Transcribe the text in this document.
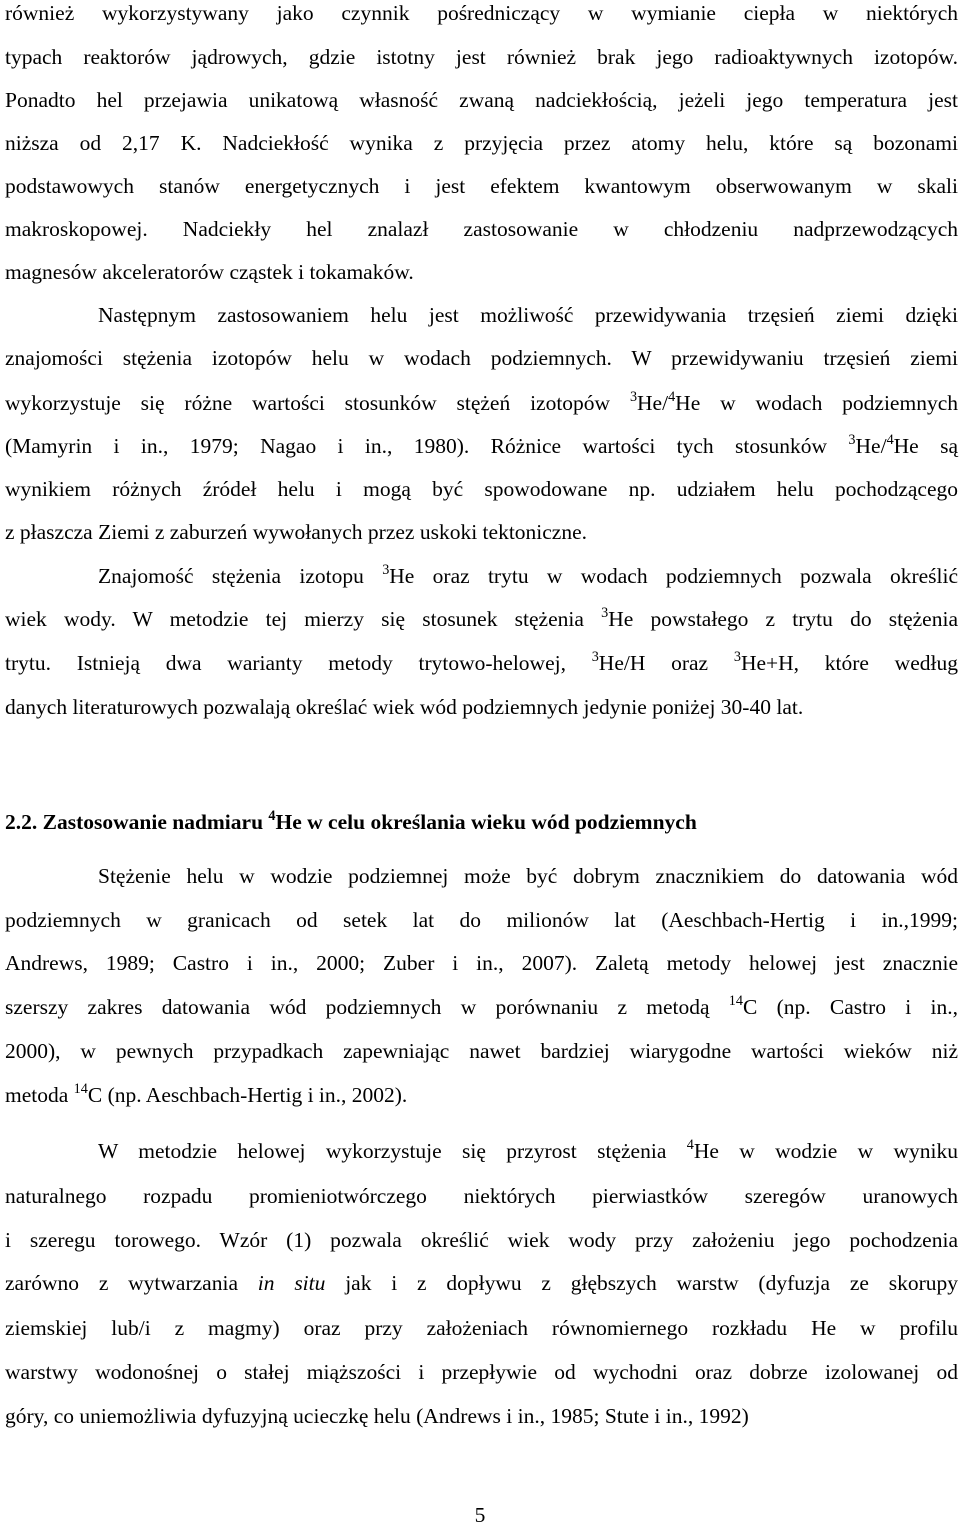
również wykorzystywany jako czynnik pośredniczący w wymianie ciepła w niektórych
typach reaktorów jądrowych, gdzie istotny jest również brak jego radioaktywnych izotopów.
Ponadto hel przejawia unikatową własność zwaną nadciekłością, jeżeli jego temperatura jest
niższa od 2,17 K. Nadciekłość wynika z przyjęcia przez atomy helu, które są bozonami
podstawowych stanów energetycznych i jest efektem kwantowym obserwowanym w skali
makroskopowej. Nadciekły hel znalazł zastosowanie w chłodzeniu nadprzewodzących
magnesów akceleratorów cząstek i tokamaków.
Następnym zastosowaniem helu jest możliwość przewidywania trzęsień ziemi dzięki
znajomości stężenia izotopów helu w wodach podziemnych. W przewidywaniu trzęsień ziemi
wykorzystuje się różne wartości stosunków stężeń izotopów $^3$He/$^4$He w wodach podziemnych
(Mamyrin i in., 1979; Nagao i in., 1980). Różnice wartości tych stosunków $^3$He/$^4$He są
wynikiem różnych źródeł helu i mogą być spowodowane np. udziałem helu pochodzącego
z płaszcza Ziemi z zaburzeń wywołanych przez uskoki tektoniczne.
Znajomość stężenia izotopu $^3$He oraz trytu w wodach podziemnych pozwala określić
wiek wody. W metodzie tej mierzy się stosunek stężenia $^3$He powstałego z trytu do stężenia
trytu. Istnieją dwa warianty metody trytowo-helowej, $^3$He/H oraz $^3$He+H, które według
danych literaturowych pozwalają określać wiek wód podziemnych jedynie poniżej 30-40 lat.
2.2. Zastosowanie nadmiaru $^4$He w celu określania wieku wód podziemnych
Stężenie helu w wodzie podziemnej może być dobrym znacznikiem do datowania wód
podziemnych w granicach od setek lat do milionów lat (Aeschbach-Hertig i in.,1999;
Andrews, 1989; Castro i in., 2000; Zuber i in., 2007). Zaletą metody helowej jest znacznie
szerszy zakres datowania wód podziemnych w porównaniu z metodą $^{14}$C (np. Castro i in.,
2000), w pewnych przypadkach zapewniając nawet bardziej wiarygodne wartości wieków niż
metoda $^{14}$C (np. Aeschbach-Hertig i in., 2002).
W metodzie helowej wykorzystuje się przyrost stężenia $^4$He w wodzie w wyniku
naturalnego rozpadu promieniotwórczego niektórych pierwiastków szeregów uranowych
i szeregu torowego. Wzór (1) pozwala określić wiek wody przy założeniu jego pochodzenia
zarówno z wytwarzania in situ jak i z dopływu z głębszych warstw (dyfuzja ze skorupy
ziemskiej lub/i z magmy) oraz przy założeniach równomiernego rozkładu He w profilu
warstwy wodonośnej o stałej miąższości i przepływie od wychodni oraz dobrze izolowanej od
góry, co uniemożliwia dyfuzyjną ucieczkę helu (Andrews i in., 1985; Stute i in., 1992)
5
